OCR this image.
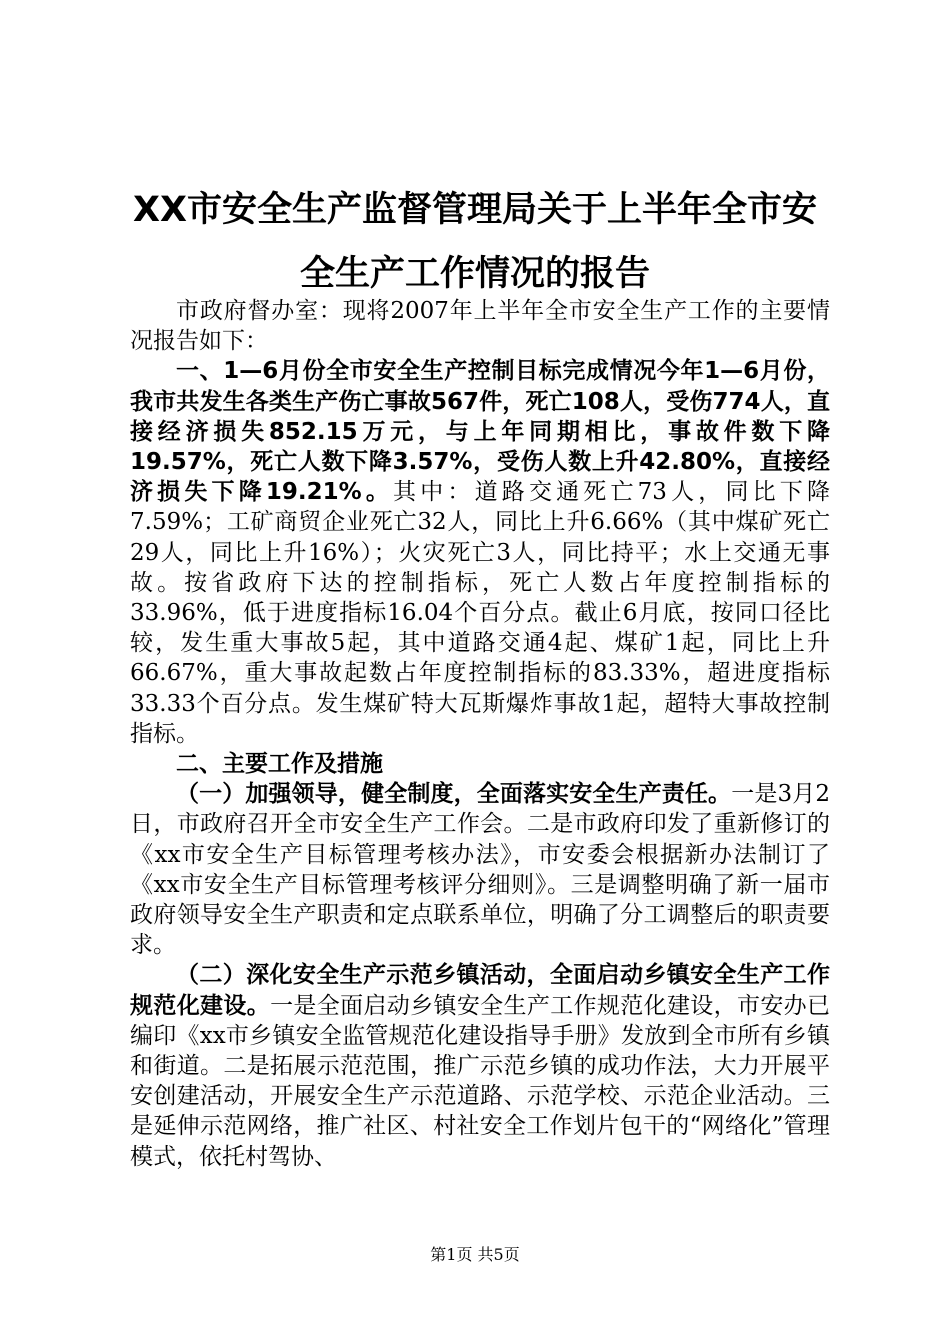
XX市安全生产监督管理局关于上半年全市安
全生产工作情况的报告

市政府督办室：现将2007年上半年全市安全生产工作的主要情况报告如下：

一、1—6月份全市安全生产控制目标完成情况今年1—6月份，我市共发生各类生产伤亡事故567件，死亡108人，受伤774人，直接经济损失852.15万元，与上年同期相比，事故件数下降19.57%，死亡人数下降3.57%，受伤人数上升42.80%，直接经济损失下降19.21%。其中：道路交通死亡73人，同比下降7.59%；工矿商贸企业死亡32人，同比上升6.66%（其中煤矿死亡29人，同比上升16%）；火灾死亡3人，同比持平；水上交通无事故。按省政府下达的控制指标，死亡人数占年度控制指标的33.96%，低于进度指标16.04个百分点。截止6月底，按同口径比较，发生重大事故5起，其中道路交通4起、煤矿1起，同比上升66.67%，重大事故起数占年度控制指标的83.33%，超进度指标33.33个百分点。发生煤矿特大瓦斯爆炸事故1起，超特大事故控制指标。

二、主要工作及措施

（一）加强领导，健全制度，全面落实安全生产责任。一是3月2日，市政府召开全市安全生产工作会。二是市政府印发了重新修订的《xx市安全生产目标管理考核办法》，市安委会根据新办法制订了《xx市安全生产目标管理考核评分细则》。三是调整明确了新一届市政府领导安全生产职责和定点联系单位，明确了分工调整后的职责要求。

（二）深化安全生产示范乡镇活动，全面启动乡镇安全生产工作规范化建设。一是全面启动乡镇安全生产工作规范化建设，市安办已编印《xx市乡镇安全监管规范化建设指导手册》发放到全市所有乡镇和街道。二是拓展示范范围，推广示范乡镇的成功作法，大力开展平安创建活动，开展安全生产示范道路、示范学校、示范企业活动。三是延伸示范网络，推广社区、村社安全工作划片包干的“网络化”管理模式，依托村驾协、

第1页 共5页
